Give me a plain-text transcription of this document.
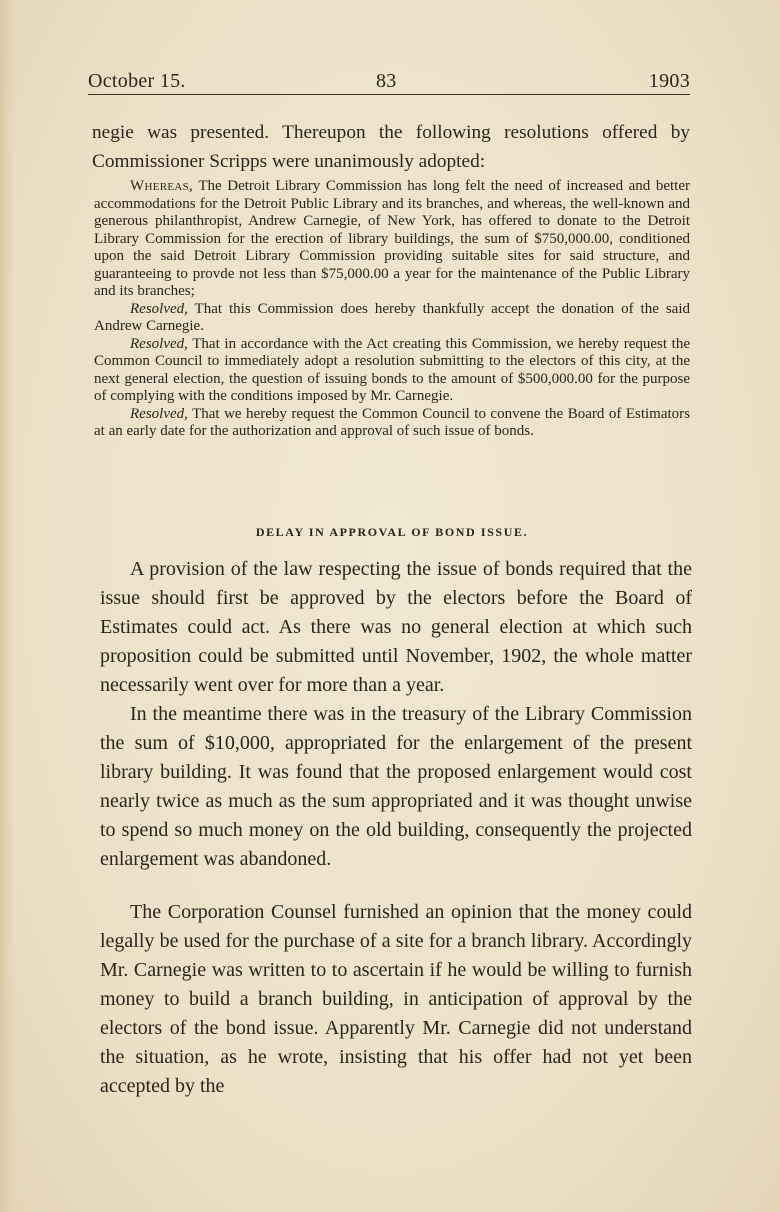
October 15.	83	1903
negie was presented. Thereupon the following resolutions offered by Commissioner Scripps were unanimously adopted:

Whereas, The Detroit Library Commission has long felt the need of increased and better accommodations for the Detroit Public Library and its branches, and whereas, the well-known and generous philanthropist, Andrew Carnegie, of New York, has offered to donate to the Detroit Library Commission for the erection of library buildings, the sum of $750,000.00, conditioned upon the said Detroit Library Commission providing suitable sites for said structure, and guaranteeing to provde not less than $75,000.00 a year for the maintenance of the Public Library and its branches;

Resolved, That this Commission does hereby thankfully accept the donation of the said Andrew Carnegie.

Resolved, That in accordance with the Act creating this Commission, we hereby request the Common Council to immediately adopt a resolution submitting to the electors of this city, at the next general election, the question of issuing bonds to the amount of $500,000.00 for the purpose of complying with the conditions imposed by Mr. Carnegie.

Resolved, That we hereby request the Common Council to convene the Board of Estimators at an early date for the authorization and approval of such issue of bonds.

DELAY IN APPROVAL OF BOND ISSUE.

A provision of the law respecting the issue of bonds required that the issue should first be approved by the electors before the Board of Estimates could act. As there was no general election at which such proposition could be submitted until November, 1902, the whole matter necessarily went over for more than a year.

In the meantime there was in the treasury of the Library Commission the sum of $10,000, appropriated for the enlargement of the present library building. It was found that the proposed enlargement would cost nearly twice as much as the sum appropriated and it was thought unwise to spend so much money on the old building, consequently the projected enlargement was abandoned.

The Corporation Counsel furnished an opinion that the money could legally be used for the purchase of a site for a branch library. Accordingly Mr. Carnegie was written to to ascertain if he would be willing to furnish money to build a branch building, in anticipation of approval by the electors of the bond issue. Apparently Mr. Carnegie did not understand the situation, as he wrote, insisting that his offer had not yet been accepted by the
